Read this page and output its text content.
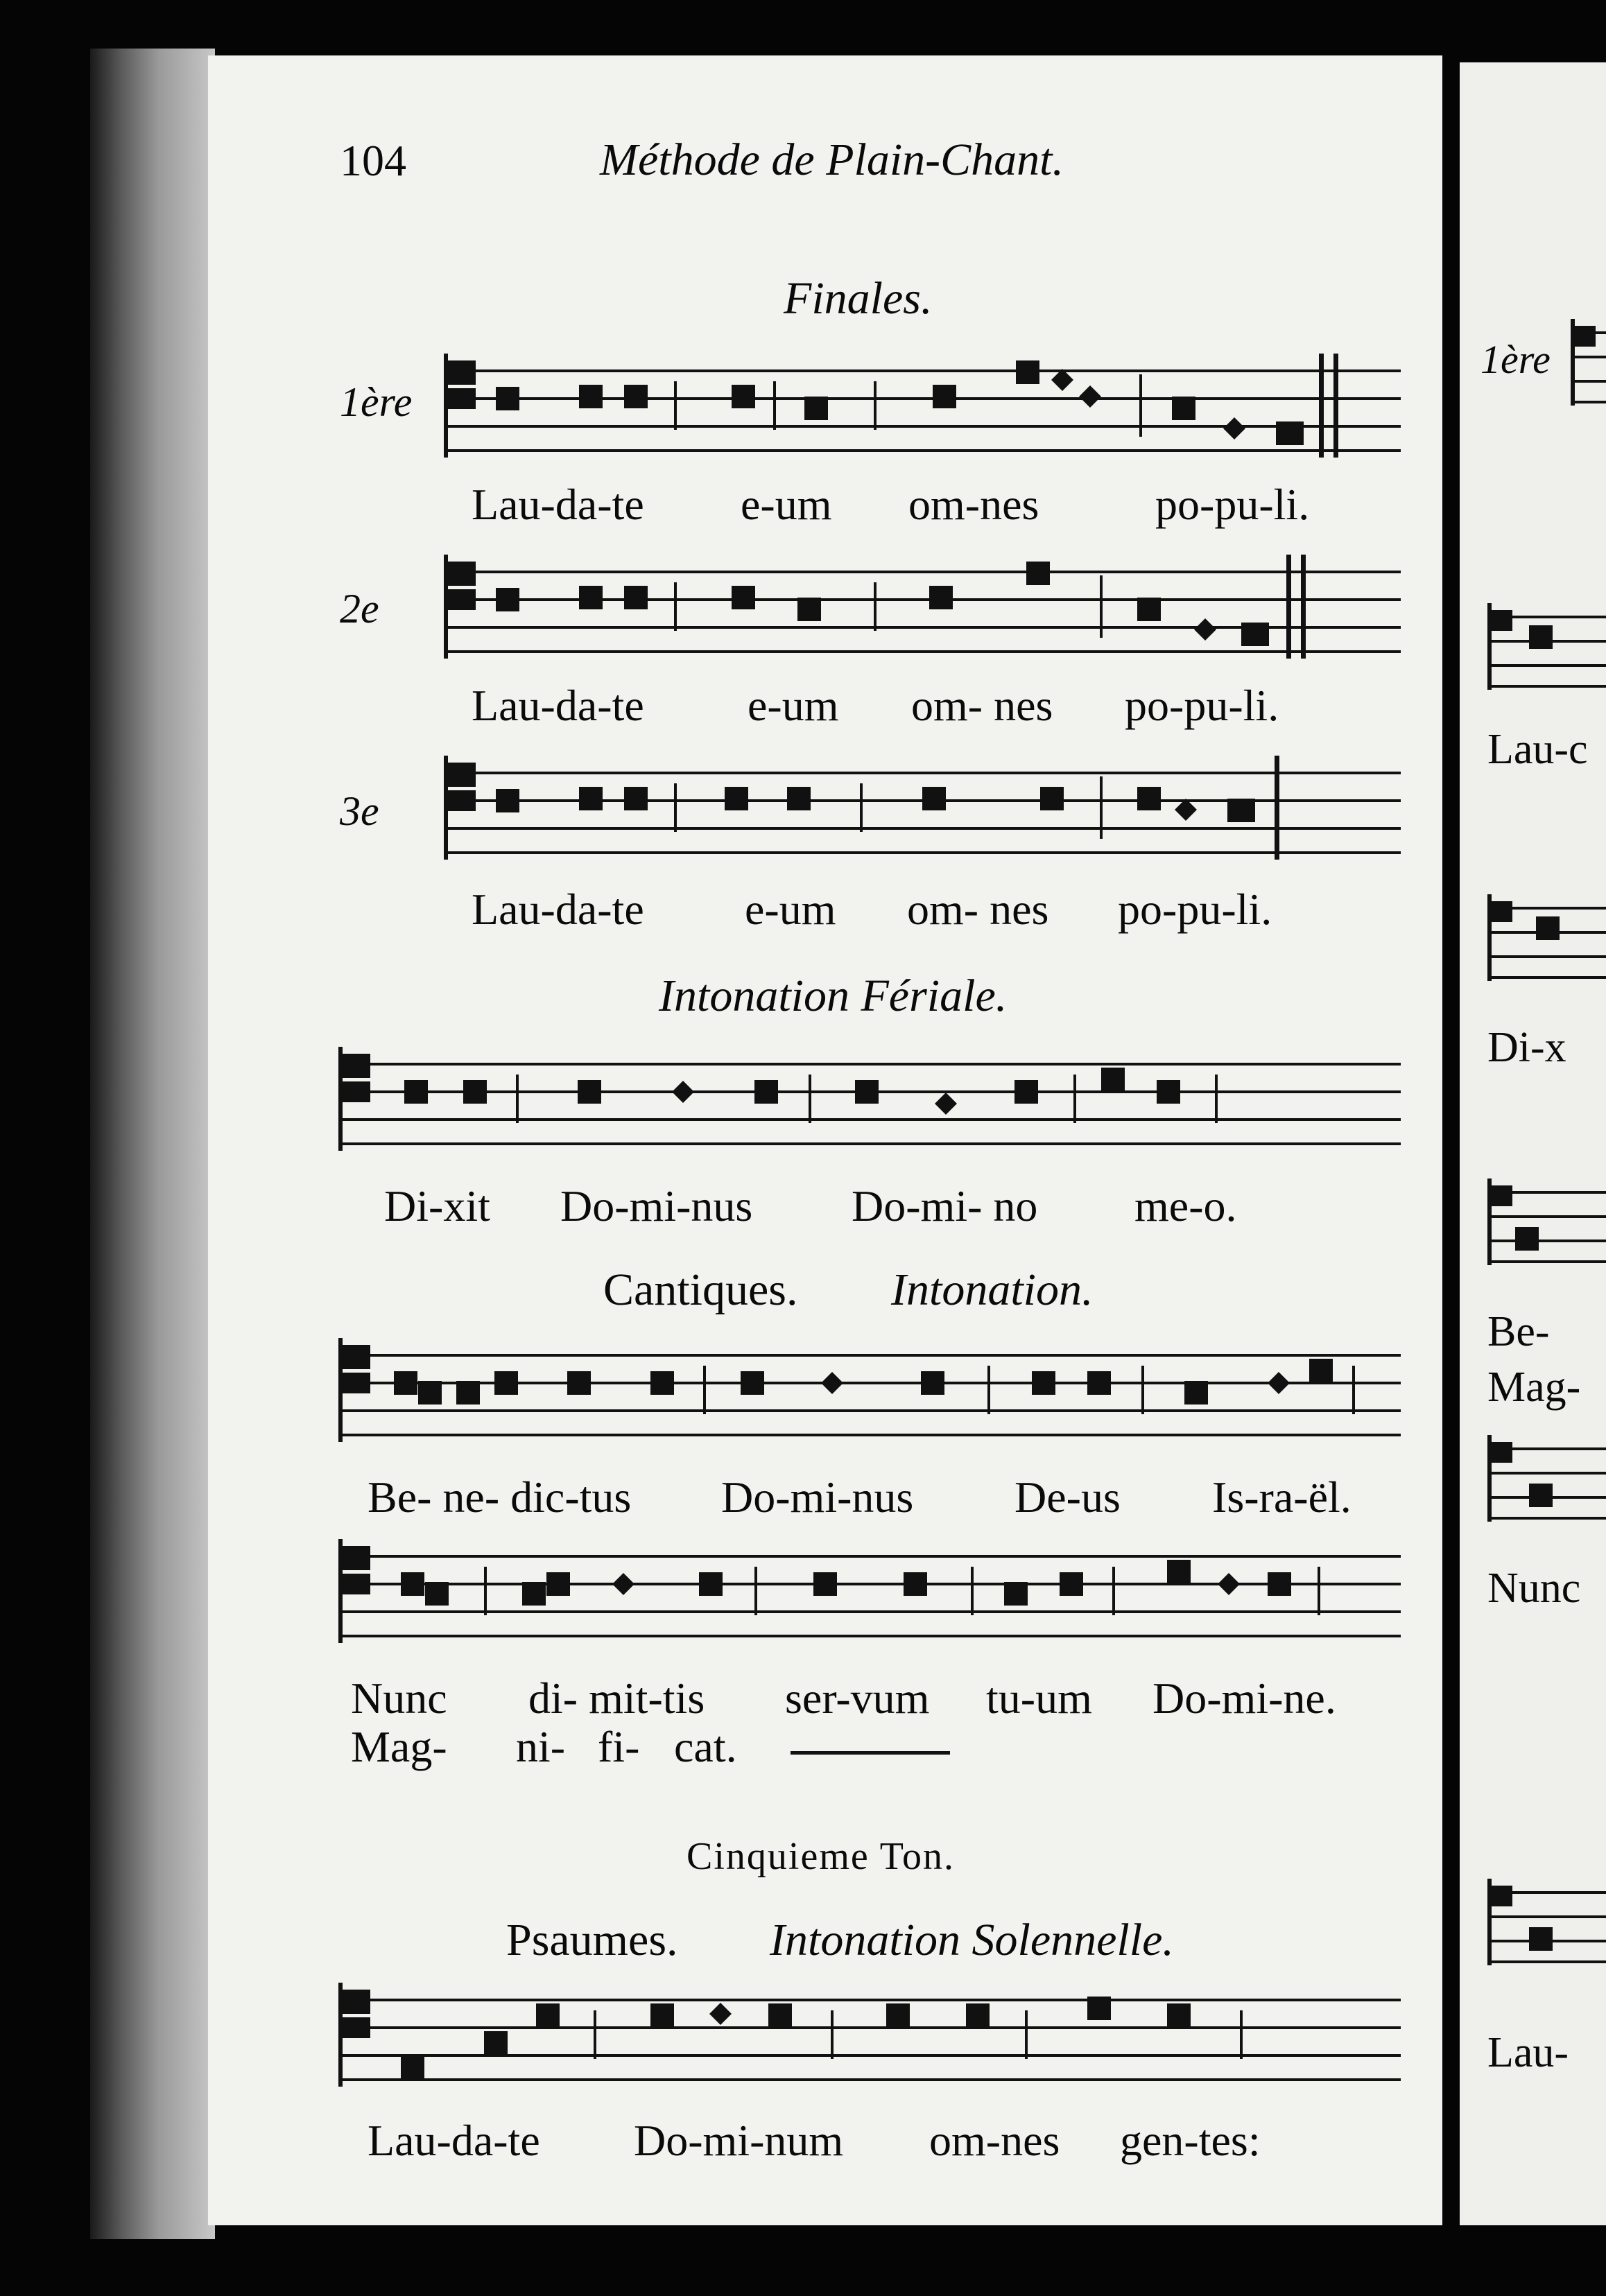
104	Méthode de Plain-Chant.
Finales.
1ère
Lau-da-te e-um om-nes	po-pu-li.
2e
Lau-da-te e-um om- nes po-pu-li.
3e
Lau-da-te e-um om- nes po-pu-li.
Intonation Fériale.
Di-xit Do-mi-nus Do-mi- no me-o.
Cantiques. Intonation.
Be- ne- dic-tus Do-mi-nus De-us Is-ra-ël.
Nunc di- mit-tis ser-vum tu-um Do-mi-ne.
Mag- ni- fi- cat.
Cinquieme Ton.
Psaumes. Intonation Solennelle.
Lau-da-te Do-mi-num om-nes gen-tes:
1ère
Lau-c
Di-x
Be-
Mag-
Nunc
Lau-
